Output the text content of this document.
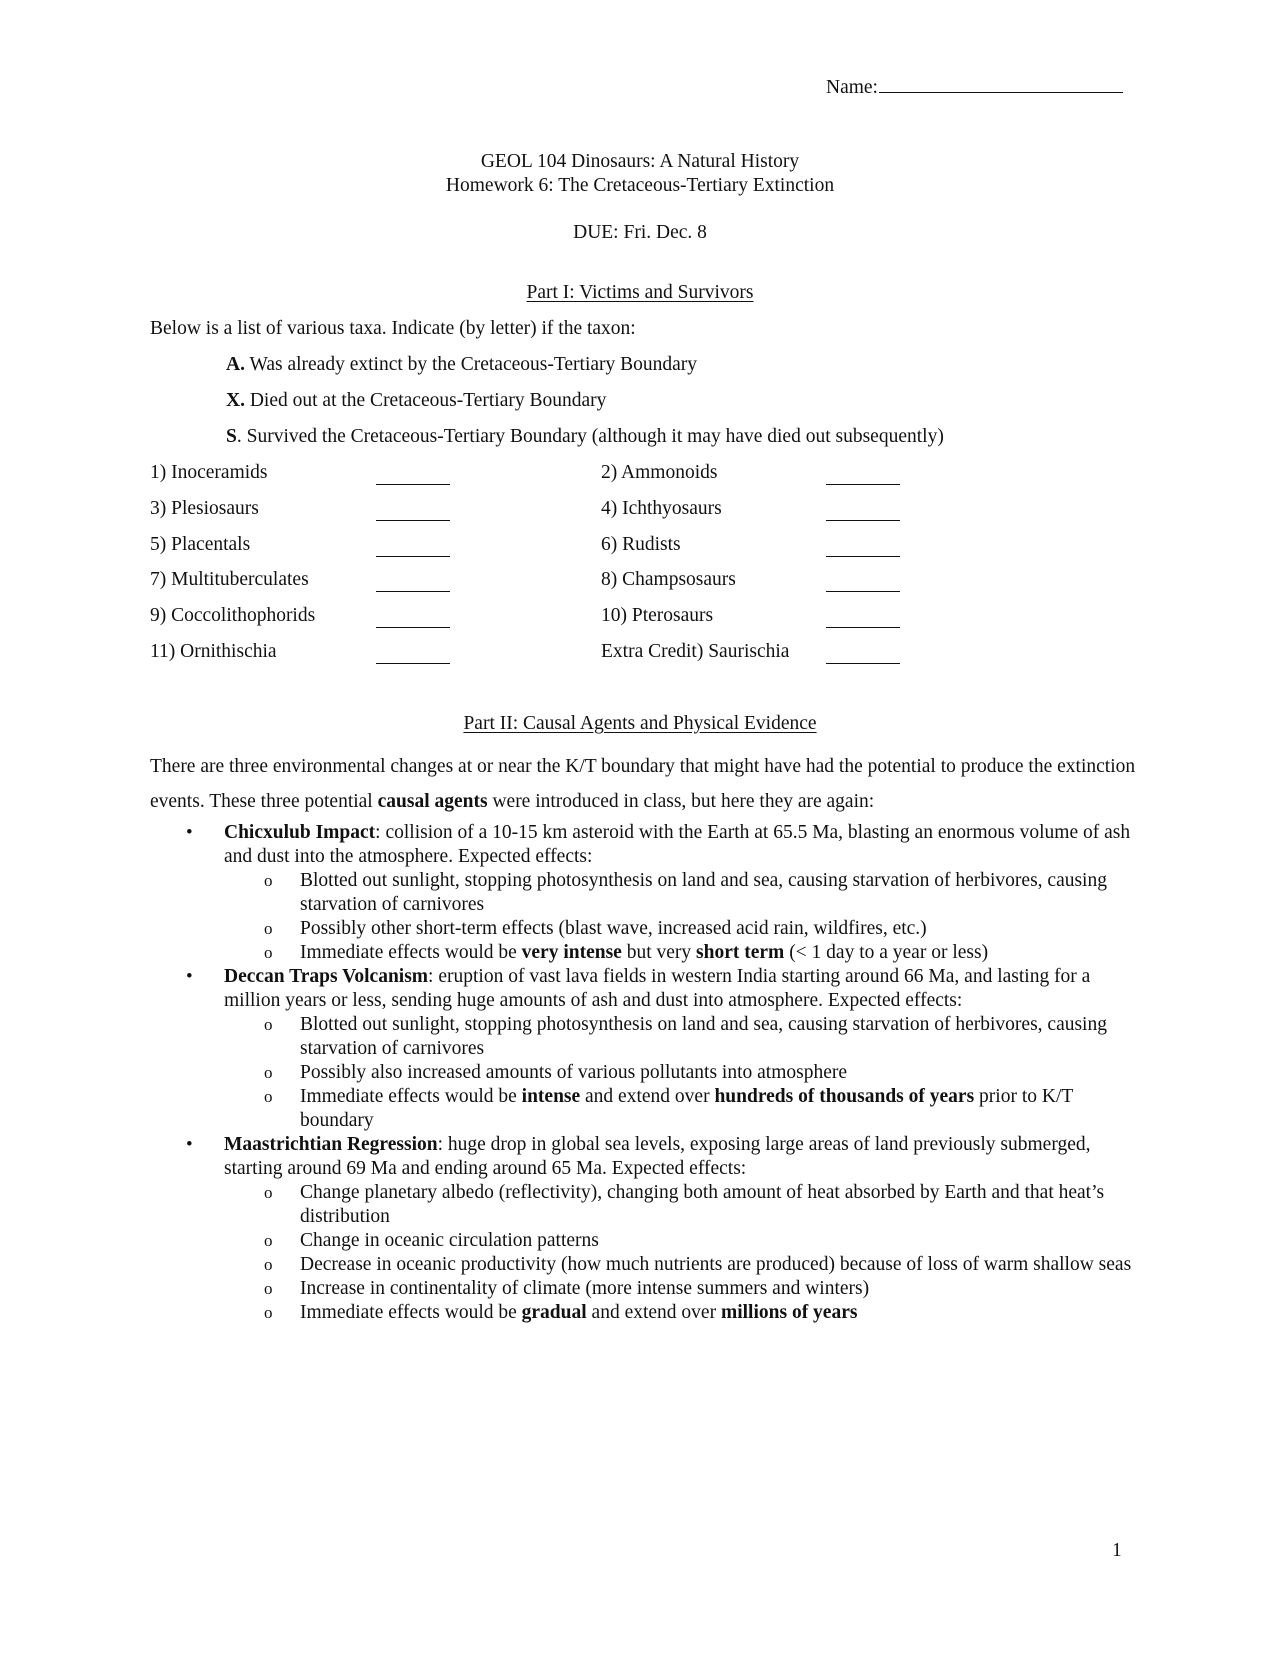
Name:
GEOL 104 Dinosaurs: A Natural History
Homework 6: The Cretaceous-Tertiary Extinction
DUE: Fri. Dec. 8
Part I: Victims and Survivors
Below is a list of various taxa. Indicate (by letter) if the taxon:
A. Was already extinct by the Cretaceous-Tertiary Boundary
X. Died out at the Cretaceous-Tertiary Boundary
S. Survived the Cretaceous-Tertiary Boundary (although it may have died out subsequently)
1) Inoceramids
3) Plesiosaurs
5) Placentals
7) Multituberculates
9) Coccolithophorids
11) Ornithischia
2) Ammonoids
4) Ichthyosaurs
6) Rudists
8) Champsosaurs
10) Pterosaurs
Extra Credit) Saurischia
Part II: Causal Agents and Physical Evidence
There are three environmental changes at or near the K/T boundary that might have had the potential to produce the extinction events. These three potential causal agents were introduced in class, but here they are again:
• Chicxulub Impact: collision of a 10-15 km asteroid with the Earth at 65.5 Ma, blasting an enormous volume of ash and dust into the atmosphere. Expected effects:
o Blotted out sunlight, stopping photosynthesis on land and sea, causing starvation of herbivores, causing starvation of carnivores
o Possibly other short-term effects (blast wave, increased acid rain, wildfires, etc.)
o Immediate effects would be very intense but very short term (< 1 day to a year or less)
• Deccan Traps Volcanism: eruption of vast lava fields in western India starting around 66 Ma, and lasting for a million years or less, sending huge amounts of ash and dust into atmosphere. Expected effects:
o Blotted out sunlight, stopping photosynthesis on land and sea, causing starvation of herbivores, causing starvation of carnivores
o Possibly also increased amounts of various pollutants into atmosphere
o Immediate effects would be intense and extend over hundreds of thousands of years prior to K/T boundary
• Maastrichtian Regression: huge drop in global sea levels, exposing large areas of land previously submerged, starting around 69 Ma and ending around 65 Ma. Expected effects:
o Change planetary albedo (reflectivity), changing both amount of heat absorbed by Earth and that heat’s distribution
o Change in oceanic circulation patterns
o Decrease in oceanic productivity (how much nutrients are produced) because of loss of warm shallow seas
o Increase in continentality of climate (more intense summers and winters)
o Immediate effects would be gradual and extend over millions of years
1
